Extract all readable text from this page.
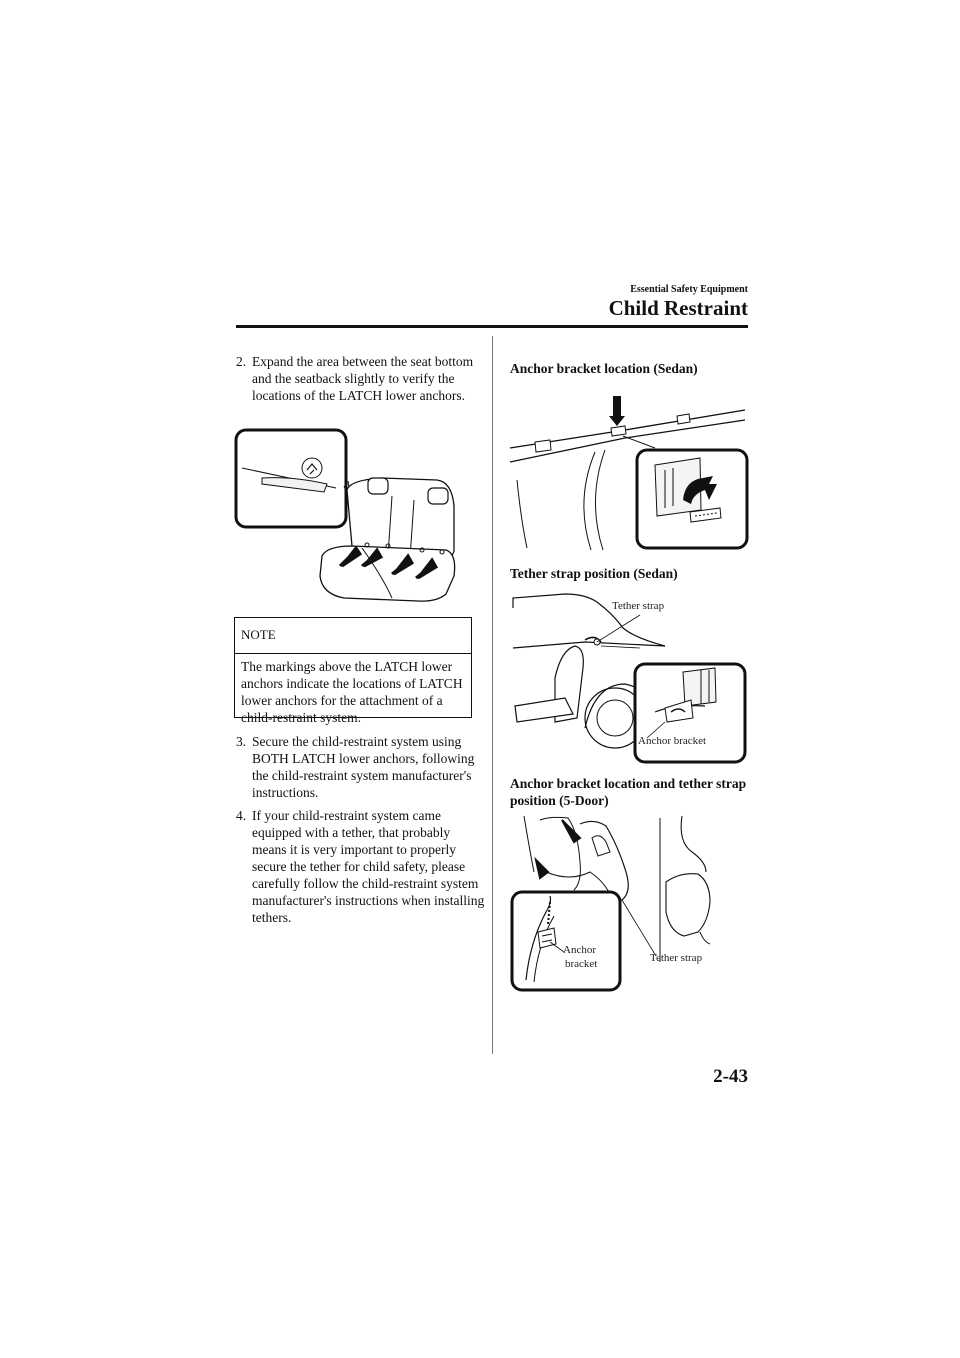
Essential Safety Equipment
Child Restraint
2. Expand the area between the seat bottom and the seatback slightly to verify the locations of the LATCH lower anchors.
NOTE
The markings above the LATCH lower anchors indicate the locations of LATCH lower anchors for the attachment of a child-restraint system.
3. Secure the child-restraint system using BOTH LATCH lower anchors, following the child-restraint system manufacturer's instructions.
4. If your child-restraint system came equipped with a tether, that probably means it is very important to properly secure the tether for child safety, please carefully follow the child-restraint system manufacturer's instructions when installing tethers.
Anchor bracket location (Sedan)
Tether strap position (Sedan)
Tether strap
Anchor bracket
Anchor bracket location and tether strap position (5-Door)
Anchor
bracket	Tether strap
2-43
